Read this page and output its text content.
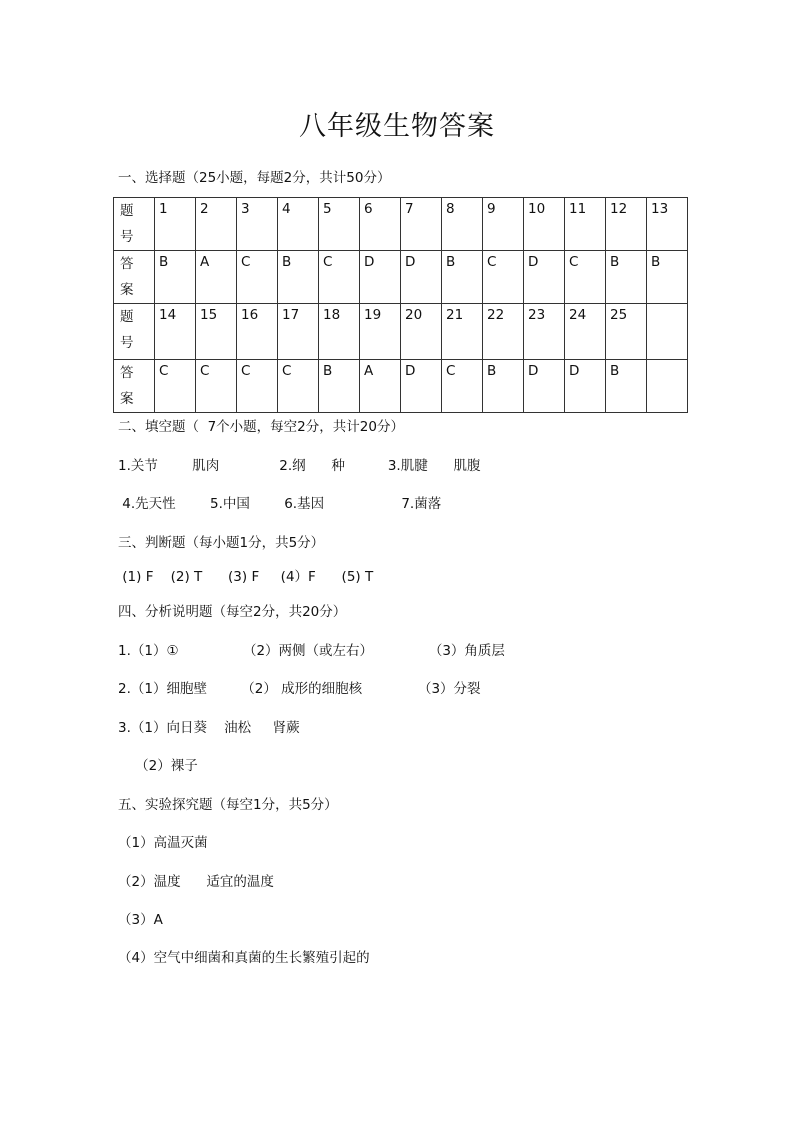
八年级生物答案
一、选择题（25小题，每题2分，共计50分）
题
号	1	2	3	4	5	6	7	8	9	10	11	12	13
答
案	B	A	C	B	C	D	D	B	C	D	C	B	B
题
号	14	15	16	17	18	19	20	21	22	23	24	25	
答
案	C	C	C	C	B	A	D	C	B	D	D	B	
二、填空题（  7个小题，每空2分，共计20分）
1.关节        肌肉              2.纲      种          3.肌腱      肌腹
4.先天性        5.中国        6.基因                  7.菌落
三、判断题（每小题1分，共5分）
(1) F    (2) T      (3) F     (4）F      (5) T
四、分析说明题（每空2分，共20分）
1.（1）①               （2）两侧（或左右）             （3）角质层
2.（1）细胞壁        （2） 成形的细胞核             （3）分裂
3.（1）向日葵    油松     肾蕨
（2）裸子
五、实验探究题（每空1分，共5分）
（1）高温灭菌
（2）温度      适宜的温度
（3）A
（4）空气中细菌和真菌的生长繁殖引起的
